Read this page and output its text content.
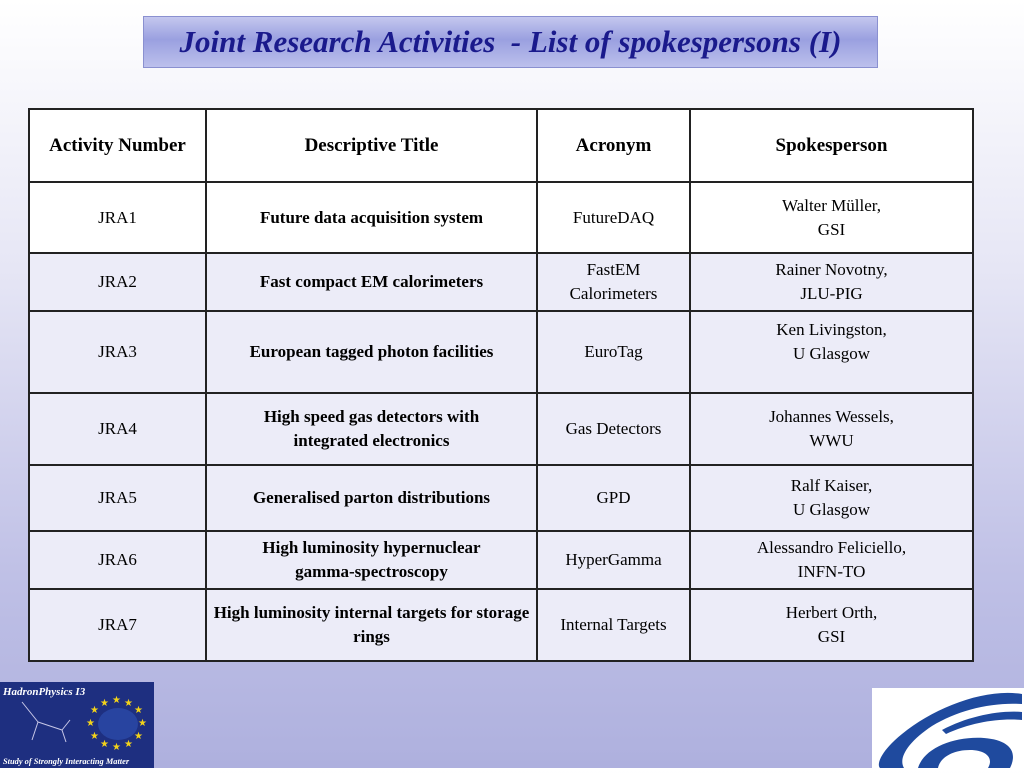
Joint Research Activities  - List of spokespersons (I)
Activity Number	Descriptive Title	Acronym	Spokesperson
JRA1	Future data acquisition system	FutureDAQ	Walter Müller,
GSI

JRA2	Fast compact EM calorimeters	FastEM Calorimeters	Rainer Novotny,
JLU-PIG

JRA3	European tagged photon facilities	EuroTag	Ken Livingston,
U Glasgow

JRA4	High speed gas detectors with integrated electronics	Gas Detectors	Johannes Wessels,
WWU

JRA5	Generalised parton distributions	GPD	Ralf Kaiser,
U Glasgow

JRA6	High luminosity hypernuclear gamma-spectroscopy	HyperGamma	Alessandro Feliciello,
INFN-TO

JRA7	High luminosity internal targets for storage rings	Internal Targets	Herbert Orth,
GSI
HadronPhysics I3
★ ★
★
★
★
★
★
★
★
★
★
★
Study of Strongly Interacting Matter
